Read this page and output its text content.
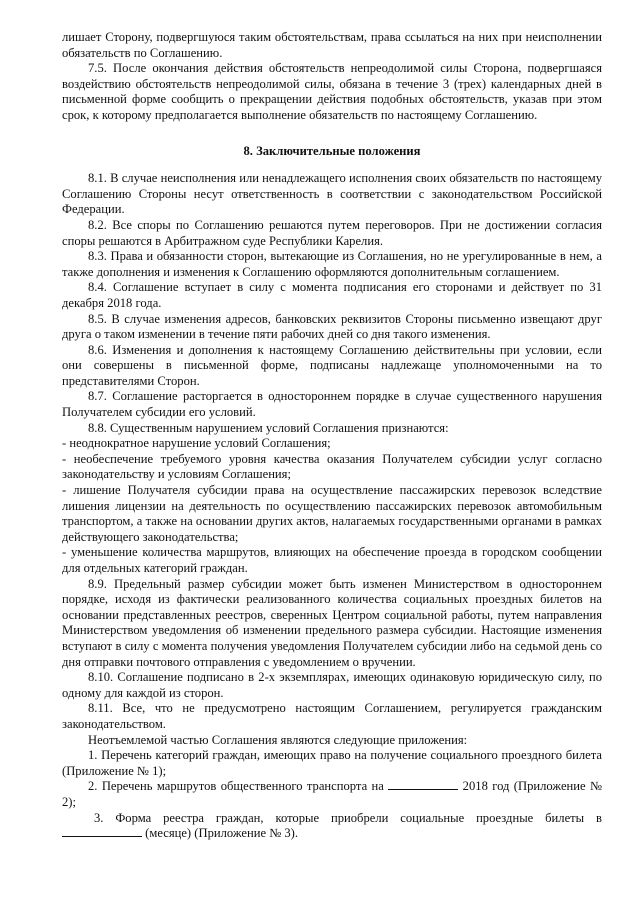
лишает Сторону, подвергшуюся таким обстоятельствам, права ссылаться на них при неисполнении обязательств по Соглашению.

7.5. После окончания действия обстоятельств непреодолимой силы Сторона, подвергшаяся воздействию обстоятельств непреодолимой силы, обязана в течение 3 (трех) календарных дней в письменной форме сообщить о прекращении действия подобных обстоятельств, указав при этом срок, к которому предполагается выполнение обязательств по настоящему Соглашению.

8. Заключительные положения

8.1. В случае неисполнения или ненадлежащего исполнения своих обязательств по настоящему Соглашению Стороны несут ответственность в соответствии с законодательством Российской Федерации.

8.2. Все споры по Соглашению решаются путем переговоров. При не достижении согласия споры решаются в Арбитражном суде Республики Карелия.

8.3. Права и обязанности сторон, вытекающие из Соглашения, но не урегулированные в нем, а также дополнения и изменения к Соглашению оформляются дополнительным соглашением.

8.4. Соглашение вступает в силу с момента подписания его сторонами и действует по 31 декабря 2018 года.

8.5. В случае изменения адресов, банковских реквизитов Стороны письменно извещают друг друга о таком изменении в течение пяти рабочих дней со дня такого изменения.

8.6. Изменения и дополнения к настоящему Соглашению действительны при условии, если они совершены в письменной форме, подписаны надлежаще уполномоченными на то представителями Сторон.

8.7. Соглашение расторгается в одностороннем порядке в случае существенного нарушения Получателем субсидии его условий.

8.8. Существенным нарушением условий Соглашения признаются:

- неоднократное нарушение условий Соглашения;

- необеспечение требуемого уровня качества оказания Получателем субсидии услуг согласно законодательству и условиям Соглашения;

- лишение Получателя субсидии права на осуществление пассажирских перевозок вследствие лишения лицензии на деятельность по осуществлению пассажирских перевозок автомобильным транспортом, а также на основании других актов, налагаемых государственными органами в рамках действующего законодательства;

- уменьшение количества маршрутов, влияющих на обеспечение проезда в городском сообщении для отдельных категорий граждан.

8.9. Предельный размер субсидии может быть изменен Министерством в одностороннем порядке, исходя из фактически реализованного количества социальных проездных билетов на основании представленных реестров, сверенных Центром социальной работы, путем направления Министерством уведомления об изменении предельного размера субсидии. Настоящие изменения вступают в силу с момента получения уведомления Получателем субсидии либо на седьмой день со дня отправки почтового отправления с уведомлением о вручении.

8.10. Соглашение подписано в 2-х экземплярах, имеющих одинаковую юридическую силу, по одному для каждой из сторон.

8.11. Все, что не предусмотрено настоящим Соглашением, регулируется гражданским законодательством.

Неотъемлемой частью Соглашения являются следующие приложения:

1. Перечень категорий граждан, имеющих право на получение социального проездного билета (Приложение № 1);

2. Перечень маршрутов общественного транспорта на	2018 год (Приложение № 2);

3. Форма реестра граждан, которые приобрели социальные проездные билеты в  (месяце) (Приложение № 3).
